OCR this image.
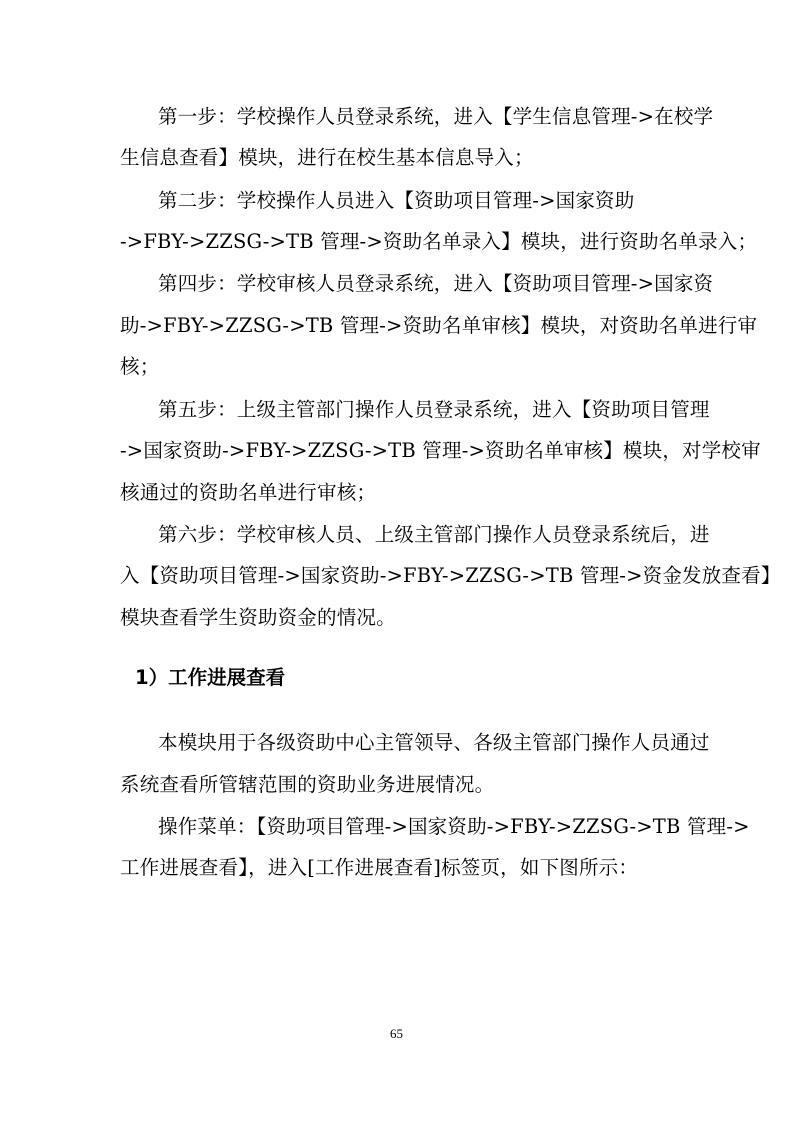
第一步：学校操作人员登录系统，进入【学生信息管理->在校学
生信息查看】模块，进行在校生基本信息导入；
第二步：学校操作人员进入【资助项目管理->国家资助
->FBY->ZZSG->TB 管理->资助名单录入】模块，进行资助名单录入；
第四步：学校审核人员登录系统，进入【资助项目管理->国家资
助->FBY->ZZSG->TB 管理->资助名单审核】模块，对资助名单进行审
核；
第五步：上级主管部门操作人员登录系统，进入【资助项目管理
->国家资助->FBY->ZZSG->TB 管理->资助名单审核】模块，对学校审
核通过的资助名单进行审核；
第六步：学校审核人员、上级主管部门操作人员登录系统后，进
入【资助项目管理->国家资助->FBY->ZZSG->TB 管理->资金发放查看】
模块查看学生资助资金的情况。
1）工作进展查看
本模块用于各级资助中心主管领导、各级主管部门操作人员通过
系统查看所管辖范围的资助业务进展情况。
操作菜单：【资助项目管理->国家资助->FBY->ZZSG->TB 管理->
工作进展查看】，进入[工作进展查看]标签页，如下图所示：
65
